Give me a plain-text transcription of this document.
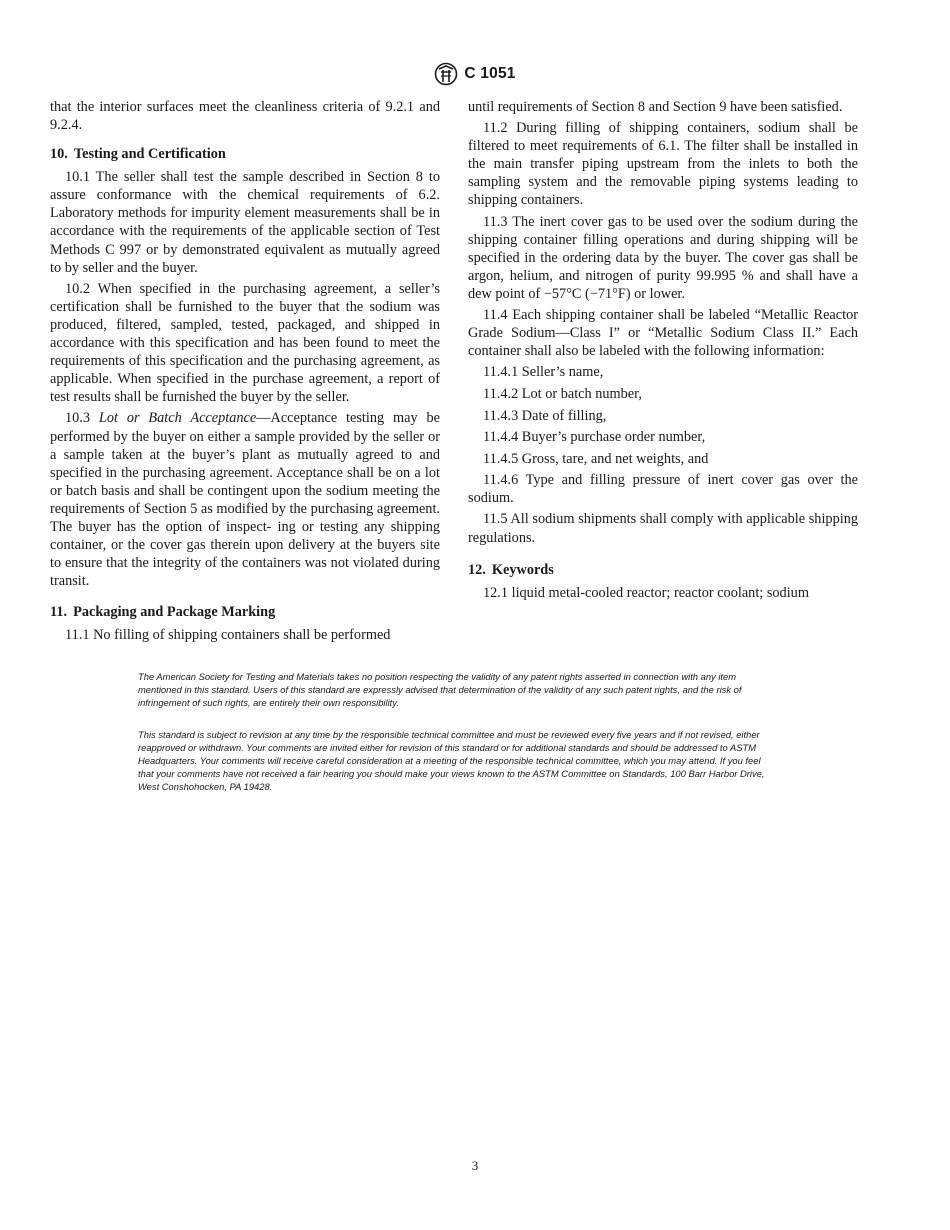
C 1051

that the interior surfaces meet the cleanliness criteria of 9.2.1 and 9.2.4.

10. Testing and Certification

10.1 The seller shall test the sample described in Section 8 to assure conformance with the chemical requirements of 6.2. Laboratory methods for impurity element measurements shall be in accordance with the requirements of the applicable section of Test Methods C 997 or by demonstrated equivalent as mutually agreed to by seller and the buyer.

10.2 When specified in the purchasing agreement, a seller’s certification shall be furnished to the buyer that the sodium was produced, filtered, sampled, tested, packaged, and shipped in accordance with this specification and has been found to meet the requirements of this specification and the purchasing agreement, as applicable. When specified in the purchase agreement, a report of test results shall be furnished the buyer by the seller.

10.3 Lot or Batch Acceptance—Acceptance testing may be performed by the buyer on either a sample provided by the seller or a sample taken at the buyer’s plant as mutually agreed to and specified in the purchasing agreement. Acceptance shall be on a lot or batch basis and shall be contingent upon the sodium meeting the requirements of Section 5 as modified by the purchasing agreement. The buyer has the option of inspect- ing or testing any shipping container, or the cover gas therein upon delivery at the buyers site to ensure that the integrity of the containers was not violated during transit.

11. Packaging and Package Marking

11.1 No filling of shipping containers shall be performed

until requirements of Section 8 and Section 9 have been satisfied.

11.2 During filling of shipping containers, sodium shall be filtered to meet requirements of 6.1. The filter shall be installed in the main transfer piping upstream from the inlets to both the sampling system and the removable piping systems leading to shipping containers.

11.3 The inert cover gas to be used over the sodium during the shipping container filling operations and during shipping will be specified in the ordering data by the buyer. The cover gas shall be argon, helium, and nitrogen of purity 99.995 % and shall have a dew point of −57°C (−71°F) or lower.

11.4 Each shipping container shall be labeled “Metallic Reactor Grade Sodium—Class I” or “Metallic Sodium Class II.” Each container shall also be labeled with the following information:

11.4.1 Seller’s name,

11.4.2 Lot or batch number,

11.4.3 Date of filling,

11.4.4 Buyer’s purchase order number,

11.4.5 Gross, tare, and net weights, and

11.4.6 Type and filling pressure of inert cover gas over the sodium.

11.5 All sodium shipments shall comply with applicable shipping regulations.

12. Keywords

12.1 liquid metal-cooled reactor; reactor coolant; sodium

The American Society for Testing and Materials takes no position respecting the validity of any patent rights asserted in connection with any item mentioned in this standard. Users of this standard are expressly advised that determination of the validity of any such patent rights, and the risk of infringement of such rights, are entirely their own responsibility.

This standard is subject to revision at any time by the responsible technical committee and must be reviewed every five years and if not revised, either reapproved or withdrawn. Your comments are invited either for revision of this standard or for additional standards and should be addressed to ASTM Headquarters. Your comments will receive careful consideration at a meeting of the responsible technical committee, which you may attend. If you feel that your comments have not received a fair hearing you should make your views known to the ASTM Committee on Standards, 100 Barr Harbor Drive, West Conshohocken, PA 19428.

3
